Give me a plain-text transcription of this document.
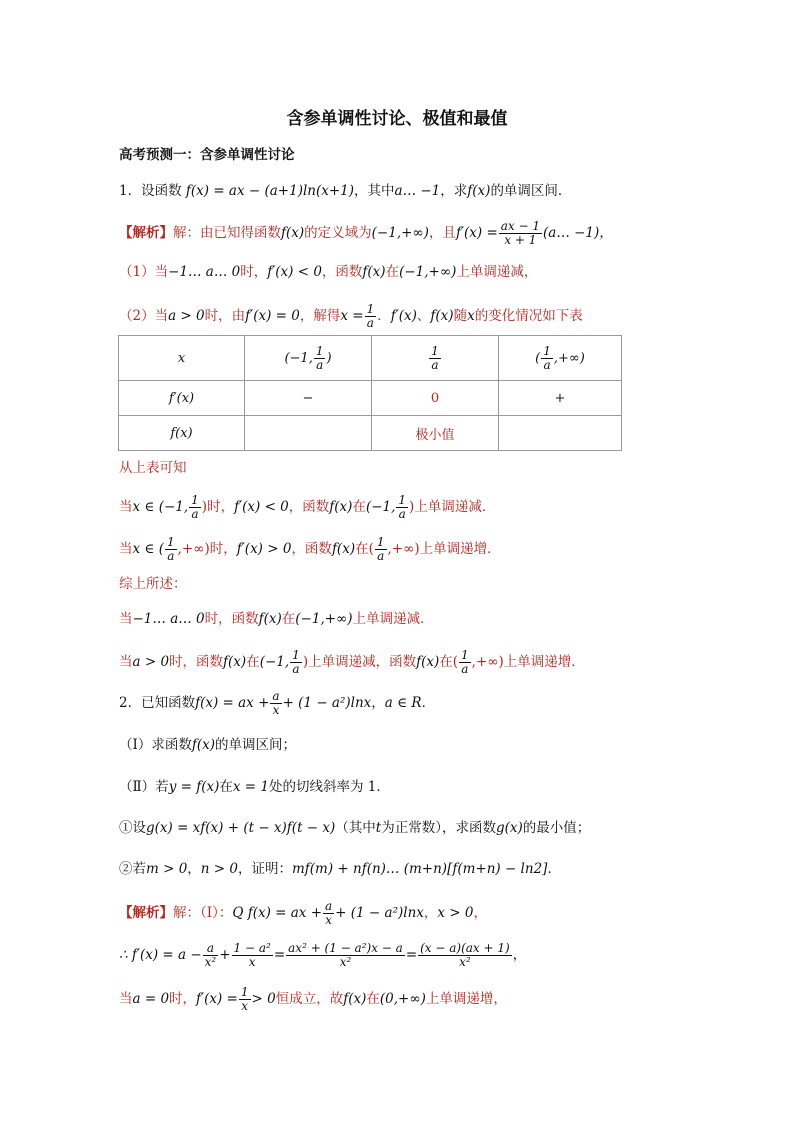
含参单调性讨论、极值和最值
高考预测一：含参单调性讨论
1．设函数 f(x) = ax − (a+1)ln(x+1)，其中a… −1，求f(x)的单调区间．
【解析】解：由已知得函数f(x)的定义域为(−1,+∞)，且$f'(x) = \frac{ax - 1}{x + 1}$ (a… −1)，
（1）当−1… a… 0时，f′(x) < 0，函数f(x)在(−1,+∞)上单调递减，
（2）当a > 0时，由f′(x) = 0，解得$x = \frac{1}{a}$ ．f′(x)、f(x)随x的变化情况如下表
x	(−1, $\frac{1}{a}$ )	$\frac{1}{a}$	( $\frac{1}{a}$ ,+∞)
f′(x)	−	0	+
f(x)		极小值	
从上表可知
当x ∈ (−1, $\frac{1}{a}$ )时，f′(x) < 0，函数f(x)在(−1, $\frac{1}{a}$ )上单调递减．
当x ∈ ( $\frac{1}{a}$ ,+∞)时，f′(x) > 0，函数f(x)在( $\frac{1}{a}$ ,+∞)上单调递增．
综上所述：
当−1… a… 0时，函数f(x)在(−1,+∞)上单调递减．
当a > 0时，函数f(x)在(−1, $\frac{1}{a}$ )上单调递减，函数f(x)在( $\frac{1}{a}$ ,+∞)上单调递增．
2．已知函数f(x) = ax + $\frac{a}{x} + (1 - a^2)\ln x$，a ∈ R．
（Ⅰ）求函数f(x)的单调区间；
（Ⅱ）若y = f(x)在x = 1处的切线斜率为 1．
①设g(x) = xf(x) + (t − x)f(t − x)（其中t为正常数），求函数g(x)的最小值；
②若m > 0，n > 0，证明：mf(m) + nf(n)… (m+n)[f(m+n) − ln2]．
【解析】解：（Ⅰ）：Q f(x) = ax + $\frac{a}{x} + (1 - a^2)\ln x$，x > 0，
∴ $f'(x) = a - \frac{a}{\text{x²}} + \frac{\text{1 − a²}}{x} = \frac{\text{ax² + (1 − a²)x − a}}{\text{x²}} = \frac{(x - a)(ax + 1)}{\text{x²}}$ ，
当a = 0时，$f'(x) = \frac{1}{x} > 0$恒成立，故f(x)在(0,+∞)上单调递增，
